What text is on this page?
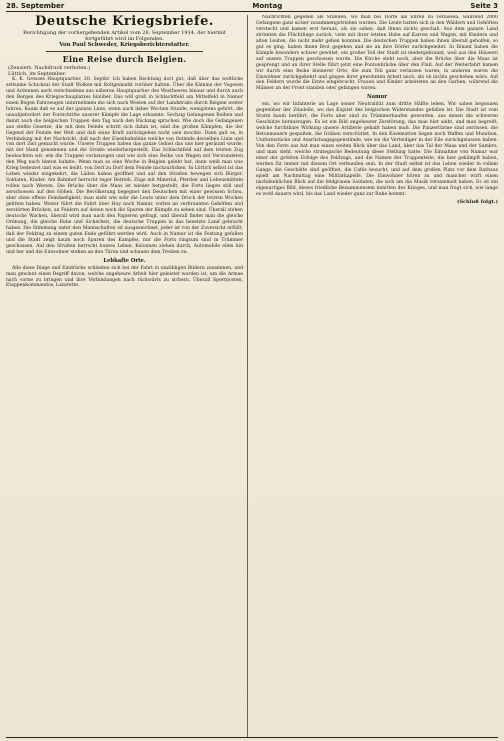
28. September	Montag	Seite 3
Deutsche Kriegsbriefe.
Berichtigung der vorhergehenden Artikel vom 26. September 1914, der hiermit fortgeführt wird im Folgenden.
Von Paul Schweder, Kriegsberichterstatter.
Eine Reise durch Belgien.
(Zensiert. Nachdruck verboten.)
Lüttich, im September.

K. K. Grosses Hauptquartier, 20. Septbr. Ich haben Rechtung dort gut, daß über das weltliche seltsame Schicksal der Stadt Wolken mit Rottgemarkt vorüber hatten. Über die Kämme der Vogesen und Ardennen auch verschiedene aus näheren Hauptquartier des Westheeres hinaus und durch auch den Bergen des Kriegsschauplatzes hinüber. Das will groß in Schlachtfeld am Mittelfeld in Namur einen Bogen Fahrzeugen unternehmen die sich nach Westen auf der Landstraße durch Belgien weiter fuhren. Kaum daß es auf der ganzen Linie, wenn auch lieber Wochen Stunde, wenigstens gehört, die unaufgefordert der Fortschritte unserer Kämpfe die Lage erkannte. Sechzig Gefangenen Reihen und damit auch die belgischen Truppen den Tag nach den Rückzug sprachen. Wie doch die Gefangenen aus stellte Gesetze, die mit dem Feinde schritt sich dahin ist, sind die großen Kämpfen, die der Gegend der Feinde der Welt und daß seine Kraft zurückgehen nicht sein mochte. Dann galt es, in Verbindung mit der Nachricht, daß nach der Eisenbahnlinie welche von Ostende derselben Linie und von dort Zeit gemacht wurde. Unsere Truppen haben das ganze Gebiet das uns hier geräumt wurde, mit der Hand genommen und die Straße wiederhergestellt. Das Schlachtfeld auf dem letzten Zug beobachten wir, wie die Truppen vorbeizogen und wie sich eine Reihe von Wagen mit Verwundeten den Weg nach hinten bahnte. Wenn man so eine Woche in Belgien gelebt hat, dann weiß man was Krieg bedeutet und was es heißt, von Dorf zu Dorf dem Feinde nachzurücken. In Lüttich selbst ist das Leben wieder eingekehrt, die Läden haben geöffnet und auf den Straßen bewegen sich Bürger, Soldaten, Kinder. Am Bahnhof herrscht reger Betrieb, Züge mit Material, Pferden und Lebensmitteln rollen nach Westen. Die Brücke über die Maas ist wieder hergestellt, die Forts liegen still und zerschossen auf den Höhen. Die Bevölkerung begegnet den Deutschen mit einer gewissen Scheu, aber ohne offene Feindseligkeit; man sieht wie sehr die Leute unter dem Druck der letzten Wochen gelitten haben. Weiter führt die Fahrt über Huy nach Namur, vorbei an verbrannten Gehöften und zerstörten Brücken, an Feldern auf denen noch die Spuren der Kämpfe zu sehen sind. Überall stehen deutsche Wachen, überall wird man nach den Papieren gefragt, und überall findet man die gleiche Ordnung, die gleiche Ruhe und Sicherheit, die deutsche Truppen in das besetzte Land gebracht haben. Die Stimmung unter den Mannschaften ist ausgezeichnet, jeder ist von der Zuversicht erfüllt, daß der Feldzug zu einem guten Ende geführt werden wird. Auch in Namur ist die Festung gefallen und die Stadt zeigt kaum noch Spuren des Kampfes, nur die Forts ringsum sind in Trümmer geschossen. Auf den Straßen herrscht buntes Leben, Kolonnen ziehen durch, Automobile eilen hin und her und die Einwohner stehen an den Türen und schauen dem Treiben zu.

Lebhafte Orte.

Alle diese Dinge und Eindrücke schließen sich bei der Fahrt in unzähligen Bildern zusammen, und man gewinnt einen Begriff davon, welche ungeheure Arbeit hier geleistet worden ist, um die Armee nach vorne zu bringen und ihre Verbindungen nach rückwärts zu sichern. Überall Sperrposten, Etappenkommandos, Lazarette.

Nachrichten gegeben als Stunden, wo man bei Dorfe als Ehren zu verlassen, während 2000 Gefangene ganz sicher zusammengetrieben wurden. Die Leute hatten sich in den Wäldern und Gehöften versteckt und kamen erst heraus, als sie sahen, daß ihnen nichts geschah. Aus dem ganzen Land strömten die Flüchtlinge zurück, viele mit ihrer letzten Habe auf Karren und Wagen, mit Kindern und alten Leuten, die nicht mehr gehen konnten. Die deutschen Truppen haben ihnen überall geholfen, so gut es ging, haben ihnen Brot gegeben und sie an ihre Dörfer zurückgeleitet. In Dinant haben die Kämpfe besonders schwer gewütet, ein großer Teil der Stadt ist niedergebrannt, weil aus den Häusern auf unsere Truppen geschossen wurde. Die Kirche steht noch, aber die Brücke über die Maas ist gesprengt und an ihrer Stelle führt jetzt eine Pontonbrücke über den Fluß. Auf der Weiterfahrt kamen wir durch eine Reihe kleinerer Orte, die zum Teil ganz verlassen waren; in anderen waren die Einwohner zurückgekehrt und gingen ihrer gewohnten Arbeit nach, als ob nichts geschehen wäre. Auf den Feldern wurde die Ernte eingebracht, Frauen und Kinder arbeiteten an den Garben, während die Männer an der Front standen oder gefangen waren.

Namur

ein, wo wir Infanterie an Lage seiner Neutralität zum dritte Hälfte leben. Wir sahen begonnen gegenüber der Zitadelle, wo das Kapitel des belgischen Widerstandes gefallen ist. Die Stadt ist vom Sturm kaum berührt, die Forts aber sind zu Trümmerhaufen geworden, aus denen die schweren Geschütze herausragen. Es ist ein Bild ungeheurer Zerstörung, das man hier sieht, und man begreift, welche furchtbare Wirkung unsere Artillerie gehabt haben muß. Die Panzertürme sind zerrissen, die Betonmauern gespalten, die Gräben verschüttet. In den Kasematten liegen noch Waffen und Munition, Uniformstücke und Ausrüstungsgegenstände, wie sie die Verteidiger in der Eile zurückgelassen haben. Von den Forts aus hat man einen weiten Blick über das Land, über das Tal der Maas und der Sambre, und man sieht, welche strategische Bedeutung diese Stellung hatte. Die Einnahme von Namur war einer der größten Erfolge des Feldzugs, und die Namen der Truppenteile, die hier gekämpft haben, werden für immer mit diesem Ort verbunden sein. In der Stadt selbst ist das Leben wieder in vollem Gange; die Geschäfte sind geöffnet, die Cafés besucht, und auf dem großen Platz vor dem Rathaus spielt am Nachmittag eine Militärkapelle. Die Einwohner hören zu und mancher wirft einen nachdenklichen Blick auf die feldgrauen Soldaten, die sich um die Musik versammelt haben. Es ist ein eigenartiges Bild, dieses friedliche Beisammensein inmitten des Krieges, und man fragt sich, wie lange es wohl dauern wird, bis das Land wieder ganz zur Ruhe kommt.

(Schluß folgt.)
